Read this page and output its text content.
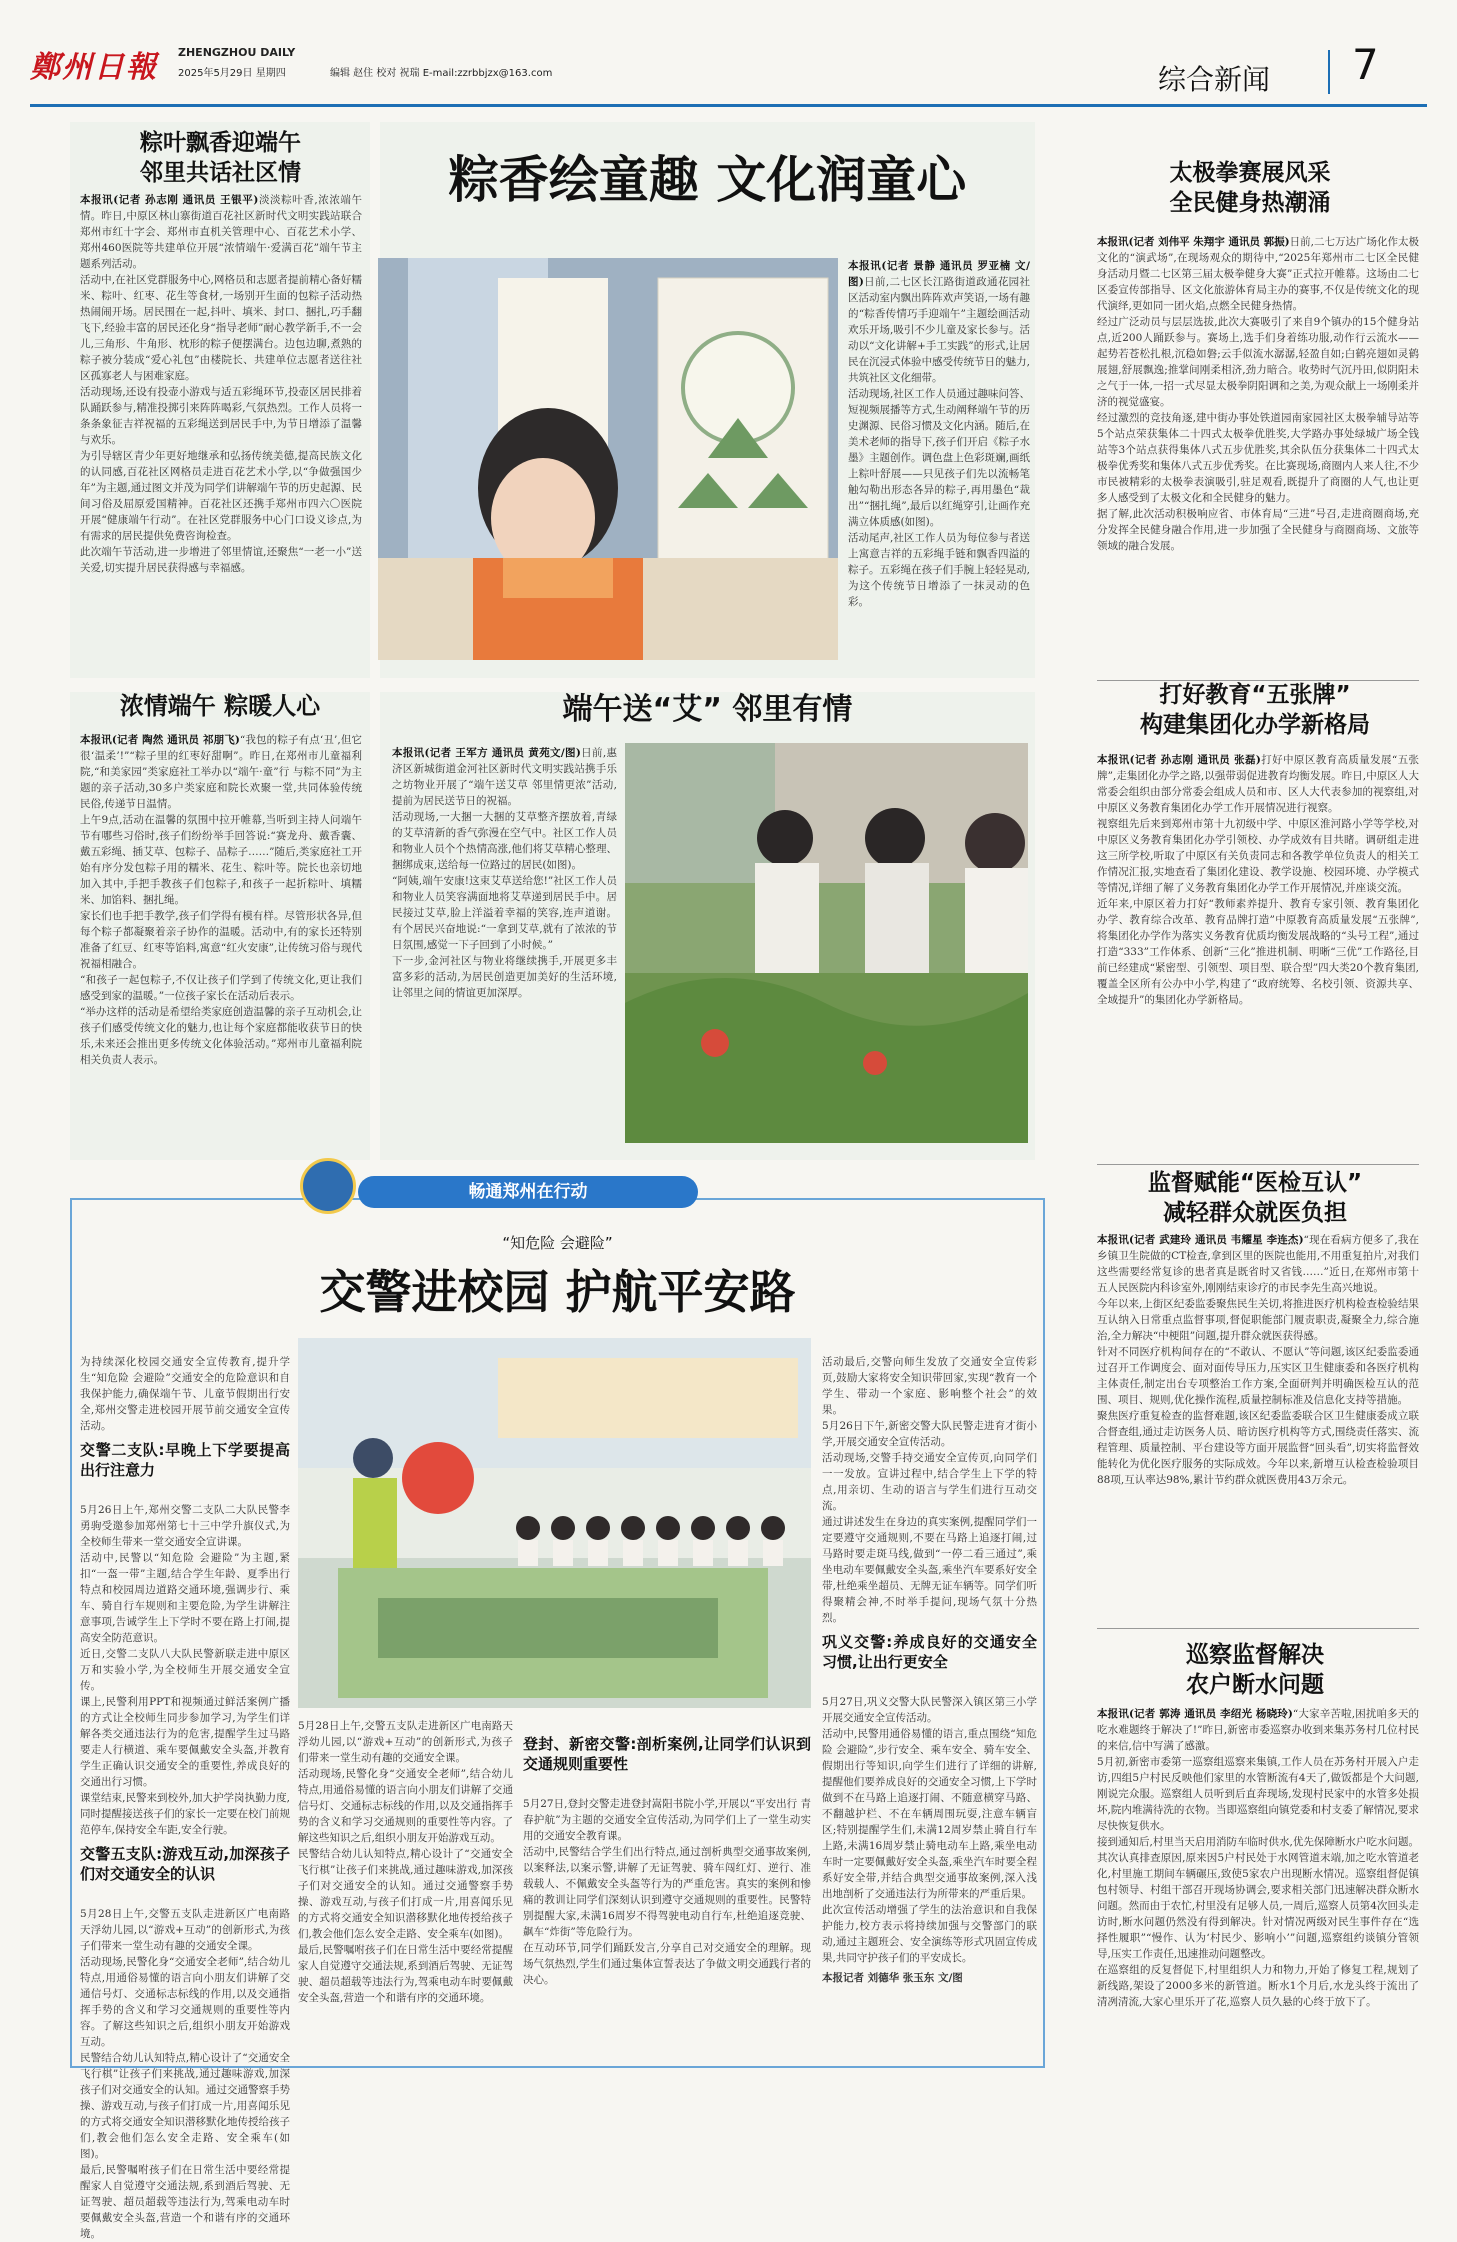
鄭州日報 ZHENGZHOU DAILY
2025年5月29日 星期四	编辑 赵住 校对 祝瑞 E-mail:zzrbbjzx@163.com	综合新闻 7
粽叶飘香迎端午
邻里共话社区情
本报讯(记者 孙志刚 通讯员 王银平)淡淡粽叶香,浓浓端午情。昨日,中原区林山寨街道百花社区新时代文明实践站联合郑州市红十字会、郑州市直机关管理中心、百花艺术小学、郑州460医院等共建单位开展“浓情端午·爱满百花”端午节主题系列活动。
活动中,在社区党群服务中心,网格员和志愿者提前精心备好糯米、粽叶、红枣、花生等食材,一场别开生面的包粽子活动热热闹闹开场。居民围在一起,抖叶、填米、封口、捆扎,巧手翻飞下,经验丰富的居民还化身“指导老师”耐心教学新手,不一会儿,三角形、牛角形、枕形的粽子便摆满台。边包边聊,煮熟的粽子被分装成“爱心礼包”由楼院长、共建单位志愿者送往社区孤寡老人与困难家庭。
活动现场,还设有投壶小游戏与适五彩绳环节,投壶区居民排着队踊跃参与,精准投掷引来阵阵喝彩,气氛热烈。工作人员将一条条象征吉祥祝福的五彩绳送到居民手中,为节日增添了温馨与欢乐。
为引导辖区青少年更好地继承和弘扬传统美德,提高民族文化的认同感,百花社区网格员走进百花艺术小学,以“争做强国少年”为主题,通过图文并茂为同学们讲解端午节的历史起源、民间习俗及屈原爱国精神。百花社区还携手郑州市四六〇医院开展“健康端午行动”。在社区党群服务中心门口设义诊点,为有需求的居民提供免费咨询检查。
此次端午节活动,进一步增进了邻里情谊,还聚焦“一老一小”送关爱,切实提升居民获得感与幸福感。
粽香绘童趣 文化润童心
本报讯(记者 景静 通讯员 罗亚楠 文/图)日前,二七区长江路街道政通花园社区活动室内飘出阵阵欢声笑语,一场有趣的“粽香传情巧手迎端午”主题绘画活动欢乐开场,吸引不少儿童及家长参与。活动以“文化讲解+手工实践”的形式,让居民在沉浸式体验中感受传统节日的魅力,共筑社区文化细带。
活动现场,社区工作人员通过趣味问答、短视频展播等方式,生动阐释端午节的历史渊源、民俗习惯及文化内涵。随后,在美术老师的指导下,孩子们开启《粽子水墨》主题创作。调色盘上色彩斑斓,画纸上粽叶舒展——只见孩子们先以流畅笔触勾勒出形态各异的粽子,再用墨色“裁出”“捆扎绳”,最后以红绳穿引,让画作充满立体质感(如图)。
活动尾声,社区工作人员为每位参与者送上寓意吉祥的五彩绳手链和飘香四溢的粽子。五彩绳在孩子们手腕上轻轻晃动,为这个传统节日增添了一抹灵动的色彩。
浓情端午 粽暖人心
本报讯(记者 陶然 通讯员 祁朋飞)“我包的粽子有点‘丑’,但它很‘温柔’!”“粽子里的红枣好甜啊”。昨日,在郑州市儿童福利院,“和美家园”类家庭社工举办以“端午·童”行 与粽不同”为主题的亲子活动,30多户类家庭和院长欢聚一堂,共同体验传统民俗,传递节日温情。
上午9点,活动在温馨的氛围中拉开帷幕,当听到主持人问端午节有哪些习俗时,孩子们纷纷举手回答说:“赛龙舟、戴香囊、戴五彩绳、插艾草、包粽子、品粽子……”随后,类家庭社工开始有序分发包粽子用的糯米、花生、粽叶等。院长也亲切地加入其中,手把手教孩子们包粽子,和孩子一起折粽叶、填糯米、加馅料、捆扎绳。
家长们也手把手教学,孩子们学得有模有样。尽管形状各异,但每个粽子都凝聚着亲子协作的温暖。活动中,有的家长还特别准备了红豆、红枣等馅料,寓意“红火安康”,让传统习俗与现代祝福相融合。
“和孩子一起包粽子,不仅让孩子们学到了传统文化,更让我们感受到家的温暖。”一位孩子家长在活动后表示。
“举办这样的活动是希望给类家庭创造温馨的亲子互动机会,让孩子们感受传统文化的魅力,也让每个家庭都能收获节日的快乐,未来还会推出更多传统文化体验活动。”郑州市儿童福利院相关负责人表示。
端午送“艾” 邻里有情
本报讯(记者 王军方 通讯员 黄苑文/图)日前,惠济区新城街道金河社区新时代文明实践站携手乐之坊物业开展了“端午送艾草 邻里情更浓”活动,提前为居民送节日的祝福。
活动现场,一大捆一大捆的艾草整齐摆放着,青绿的艾草清新的香气弥漫在空气中。社区工作人员和物业人员个个热情高涨,他们将艾草精心整理、捆绑成束,送给每一位路过的居民(如图)。
“阿姨,端午安康!这束艾草送给您!”社区工作人员和物业人员笑容满面地将艾草递到居民手中。居民接过艾草,脸上洋溢着幸福的笑容,连声道谢。有个居民兴奋地说:“一拿到艾草,就有了浓浓的节日氛围,感觉一下子回到了小时候。”
下一步,金河社区与物业将继续携手,开展更多丰富多彩的活动,为居民创造更加美好的生活环境,让邻里之间的情谊更加深厚。
太极拳赛展风采
全民健身热潮涌
本报讯(记者 刘伟平 朱翔宇 通讯员 郭振)日前,二七万达广场化作太极文化的“演武场”,在现场观众的期待中,“2025年郑州市二七区全民健身活动月暨二七区第三届太极拳健身大赛”正式拉开帷幕。这场由二七区委宣传部指导、区文化旅游体育局主办的赛事,不仅是传统文化的现代演绎,更如同一团火焰,点燃全民健身热情。
经过广泛动员与层层选拔,此次大赛吸引了来自9个镇办的15个健身站点,近200人踊跃参与。赛场上,选手们身着练功服,动作行云流水——起势若苍松扎根,沉稳如磐;云手似流水潺潺,轻盈自如;白鹤亮翅如灵鹤展翅,舒展飘逸;推掌间刚柔相济,劲力暗合。收势时气沉丹田,似阴阳未之气于一体,一招一式尽显太极拳阴阳调和之美,为观众献上一场刚柔并济的视觉盛宴。
经过激烈的竞技角逐,建中街办事处铁道园南家园社区太极拳辅导站等5个站点荣获集体二十四式太极拳优胜奖,大学路办事处绿城广场全钱站等3个站点获得集体八式五步优胜奖,其余队伍分获集体二十四式太极拳优秀奖和集体八式五步优秀奖。在比赛现场,商圈内人来人往,不少市民被精彩的太极拳表演吸引,驻足观看,既提升了商圈的人气,也让更多人感受到了太极文化和全民健身的魅力。
据了解,此次活动积极响应省、市体育局“三进”号召,走进商圈商场,充分发挥全民健身融合作用,进一步加强了全民健身与商圈商场、文旅等领域的融合发展。
打好教育“五张牌”
构建集团化办学新格局
本报讯(记者 孙志刚 通讯员 张磊)打好中原区教育高质量发展“五张牌”,走集团化办学之路,以强带弱促进教育均衡发展。昨日,中原区人大常委会组织由部分常委会组成人员和市、区人大代表参加的视察组,对中原区义务教育集团化办学工作开展情况进行视察。
视察组先后来到郑州市第十九初级中学、中原区淮河路小学等学校,对中原区义务教育集团化办学引领校、办学成效有目共睹。调研组走进这三所学校,听取了中原区有关负责同志和各教学单位负责人的相关工作情况汇报,实地查看了集团化建设、教学设施、校园环境、办学模式等情况,详细了解了义务教育集团化办学工作开展情况,并座谈交流。
近年来,中原区着力打好“教师素养提升、教育专家引领、教育集团化办学、教育综合改革、教育品牌打造”中原教育高质量发展“五张牌”,将集团化办学作为落实义务教育优质均衡发展战略的“头号工程”,通过打造“333”工作体系、创新“三化”推进机制、明晰“三优”工作路径,目前已经建成“紧密型、引领型、项目型、联合型”四大类20个教育集团,覆盖全区所有公办中小学,构建了“政府统筹、名校引领、资源共享、全域提升”的集团化办学新格局。
畅通郑州在行动
“知危险 会避险”
交警进校园 护航平安路

为持续深化校园交通安全宣传教育,提升学生“知危险 会避险”交通安全的危险意识和自我保护能力,确保端午节、儿童节假期出行安全,郑州交警走进校园开展节前交通安全宣传活动。

交警二支队:早晚上下学要提高出行注意力

5月26日上午,郑州交警二支队二大队民警李勇驹受邀参加郑州第七十三中学升旗仪式,为全校师生带来一堂交通安全宣讲课。
活动中,民警以“知危险 会避险”为主题,紧扣“一盔一带”主题,结合学生年龄、夏季出行特点和校园周边道路交通环境,强调步行、乘车、骑自行车规则和主要危险,为学生讲解注意事项,告诫学生上下学时不要在路上打闹,提高安全防范意识。
近日,交警二支队八大队民警新联走进中原区万和实验小学,为全校师生开展交通安全宣传。
课上,民警利用PPT和视频通过鲜活案例广播的方式让全校师生同步参加学习,为学生们详解各类交通违法行为的危害,提醒学生过马路要走人行横道、乘车要佩戴安全头盔,并教育学生正确认识交通安全的重要性,养成良好的交通出行习惯。
课堂结束,民警来到校外,加大护学岗执勤力度,同时提醒接送孩子们的家长一定要在校门前规范停车,保持安全车距,安全行驶。

交警五支队:游戏互动,加深孩子们对交通安全的认识

5月28日上午,交警五支队走进新区广电南路天浮幼儿园,以“游戏+互动”的创新形式,为孩子们带来一堂生动有趣的交通安全课。
活动现场,民警化身“交通安全老师”,结合幼儿特点,用通俗易懂的语言向小朋友们讲解了交通信号灯、交通标志标线的作用,以及交通指挥手势的含义和学习交通规则的重要性等内容。了解这些知识之后,组织小朋友开始游戏互动。
民警结合幼儿认知特点,精心设计了“交通安全飞行棋”让孩子们来挑战,通过趣味游戏,加深孩子们对交通安全的认知。通过交通警察手势操、游戏互动,与孩子们打成一片,用喜闻乐见的方式将交通安全知识潜移默化地传授给孩子们,教会他们怎么安全走路、安全乘车(如图)。
最后,民警嘱咐孩子们在日常生活中要经常提醒家人自觉遵守交通法规,系到酒后驾驶、无证驾驶、超员超载等违法行为,驾乘电动车时要佩戴安全头盔,营造一个和谐有序的交通环境。

5月28日上午,交警五支队走进新区广电南路天浮幼儿园,以“游戏+互动”的创新形式,为孩子们带来一堂生动有趣的交通安全课。
活动现场,民警化身“交通安全老师”,结合幼儿特点,用通俗易懂的语言向小朋友们讲解了交通信号灯、交通标志标线的作用,以及交通指挥手势的含义和学习交通规则的重要性等内容。了解这些知识之后,组织小朋友开始游戏互动。
民警结合幼儿认知特点,精心设计了“交通安全飞行棋”让孩子们来挑战,通过趣味游戏,加深孩子们对交通安全的认知。通过交通警察手势操、游戏互动,与孩子们打成一片,用喜闻乐见的方式将交通安全知识潜移默化地传授给孩子们,教会他们怎么安全走路、安全乘车(如图)。
最后,民警嘱咐孩子们在日常生活中要经常提醒家人自觉遵守交通法规,系到酒后驾驶、无证驾驶、超员超载等违法行为,驾乘电动车时要佩戴安全头盔,营造一个和谐有序的交通环境。

登封、新密交警:剖析案例,让同学们认识到交通规则重要性

5月27日,登封交警走进登封嵩阳书院小学,开展以“平安出行 青春护航”为主题的交通安全宣传活动,为同学们上了一堂生动实用的交通安全教育课。
活动中,民警结合学生们出行特点,通过剖析典型交通事故案例,以案释法,以案示警,讲解了无证驾驶、骑车闯红灯、逆行、准载载人、不佩戴安全头盔等行为的严重危害。真实的案例和惨痛的教训让同学们深刻认识到遵守交通规则的重要性。民警特别提醒大家,未满16周岁不得驾驶电动自行车,杜绝追逐竞驶、飙车“炸街”等危险行为。
在互动环节,同学们踊跃发言,分享自己对交通安全的理解。现场气氛热烈,学生们通过集体宣誓表达了争做文明交通践行者的决心。

活动最后,交警向师生发放了交通安全宣传彩页,鼓励大家将安全知识带回家,实现“教育一个学生、带动一个家庭、影响整个社会”的效果。
5月26日下午,新密交警大队民警走进育才街小学,开展交通安全宣传活动。
活动现场,交警手持交通安全宣传页,向同学们一一发放。宣讲过程中,结合学生上下学的特点,用亲切、生动的语言与学生们进行互动交流。
通过讲述发生在身边的真实案例,提醒同学们一定要遵守交通规则,不要在马路上追逐打闹,过马路时要走斑马线,做到“一停二看三通过”,乘坐电动车要佩戴安全头盔,乘坐汽车要系好安全带,杜绝乘坐超员、无牌无证车辆等。同学们听得聚精会神,不时举手提问,现场气氛十分热烈。

巩义交警:养成良好的交通安全习惯,让出行更安全

5月27日,巩义交警大队民警深入镇区第三小学开展交通安全宣传活动。
活动中,民警用通俗易懂的语言,重点围绕“知危险 会避险”,步行安全、乘车安全、骑车安全、假期出行等知识,向学生们进行了详细的讲解,提醒他们要养成良好的交通安全习惯,上下学时做到不在马路上追逐打闹、不随意横穿马路、不翻越护栏、不在车辆周围玩耍,注意车辆盲区;特别提醒学生们,未满12周岁禁止骑自行车上路,未满16周岁禁止骑电动车上路,乘坐电动车时一定要佩戴好安全头盔,乘坐汽车时要全程系好安全带,并结合典型交通事故案例,深入浅出地剖析了交通违法行为所带来的严重后果。
此次宣传活动增强了学生的法治意识和自我保护能力,校方表示将持续加强与交警部门的联动,通过主题班会、安全演练等形式巩固宣传成果,共同守护孩子们的平安成长。

本报记者 刘德华 张玉东 文/图

监督赋能“医检互认”
减轻群众就医负担
本报讯(记者 武建玲 通讯员 韦耀星 李连杰)“现在看病方便多了,我在乡镇卫生院做的CT检查,拿到区里的医院也能用,不用重复拍片,对我们这些需要经常复诊的患者真是既省时又省钱……”近日,在郑州市第十五人民医院内科诊室外,刚刚结束诊疗的市民李先生高兴地说。
今年以来,上街区纪委监委聚焦民生关切,将推进医疗机构检查检验结果互认纳入日常重点监督事项,督促职能部门履责职责,凝聚全力,综合施治,全力解决“中梗阻”问题,提升群众就医获得感。
针对不同医疗机构间存在的“不敢认、不愿认”等问题,该区纪委监委通过召开工作调度会、面对面传导压力,压实区卫生健康委和各医疗机构主体责任,制定出台专项整治工作方案,全面研判并明确医检互认的范围、项目、规则,优化操作流程,质量控制标准及信息化支持等措施。
聚焦医疗重复检查的监督难题,该区纪委监委联合区卫生健康委成立联合督查组,通过走访医务人员、暗访医疗机构等方式,围绕责任落实、流程管理、质量控制、平台建设等方面开展监督“回头看”,切实将监督效能转化为优化医疗服务的实际成效。今年以来,新增互认检查检验项目88项,互认率达98%,累计节约群众就医费用43万余元。
巡察监督解决
农户断水问题
本报讯(记者 郭涛 通讯员 李绍光 杨晓玲)“大家辛苦啦,困扰咱多天的吃水难题终于解决了!”昨日,新密市委巡察办收到来集苏务村几位村民的来信,信中写满了感激。
5月初,新密市委第一巡察组巡察来集镇,工作人员在苏务村开展入户走访,四组5户村民反映他们家里的水管断流有4天了,做饭都是个大问题,刚说完众服。巡察组人员听到后直奔现场,发现村民家中的水管多处损坏,院内堆满待洗的衣物。当即巡察组向镇党委和村支委了解情况,要求尽快恢复供水。
接到通知后,村里当天启用消防车临时供水,优先保障断水户吃水问题。其次认真排查原因,原来因5户村民处于水网管道末端,加之吃水管道老化,村里施工期间车辆碾压,致使5家农户出现断水情况。巡察组督促镇包村领导、村组干部召开现场协调会,要求相关部门迅速解决群众断水问题。然而由于农忙,村里没有足够人员,一周后,巡察人员第4次回头走访时,断水问题仍然没有得到解决。针对情况两级对民生事件存在“选择性履职”“慢作、认为‘村民少、影响小’”问题,巡察组约谈镇分管领导,压实工作责任,迅速推动问题整改。
在巡察组的反复督促下,村里组织人力和物力,开始了修复工程,规划了新线路,架设了2000多米的新管道。断水1个月后,水龙头终于流出了清冽清流,大家心里乐开了花,巡察人员久悬的心终于放下了。
